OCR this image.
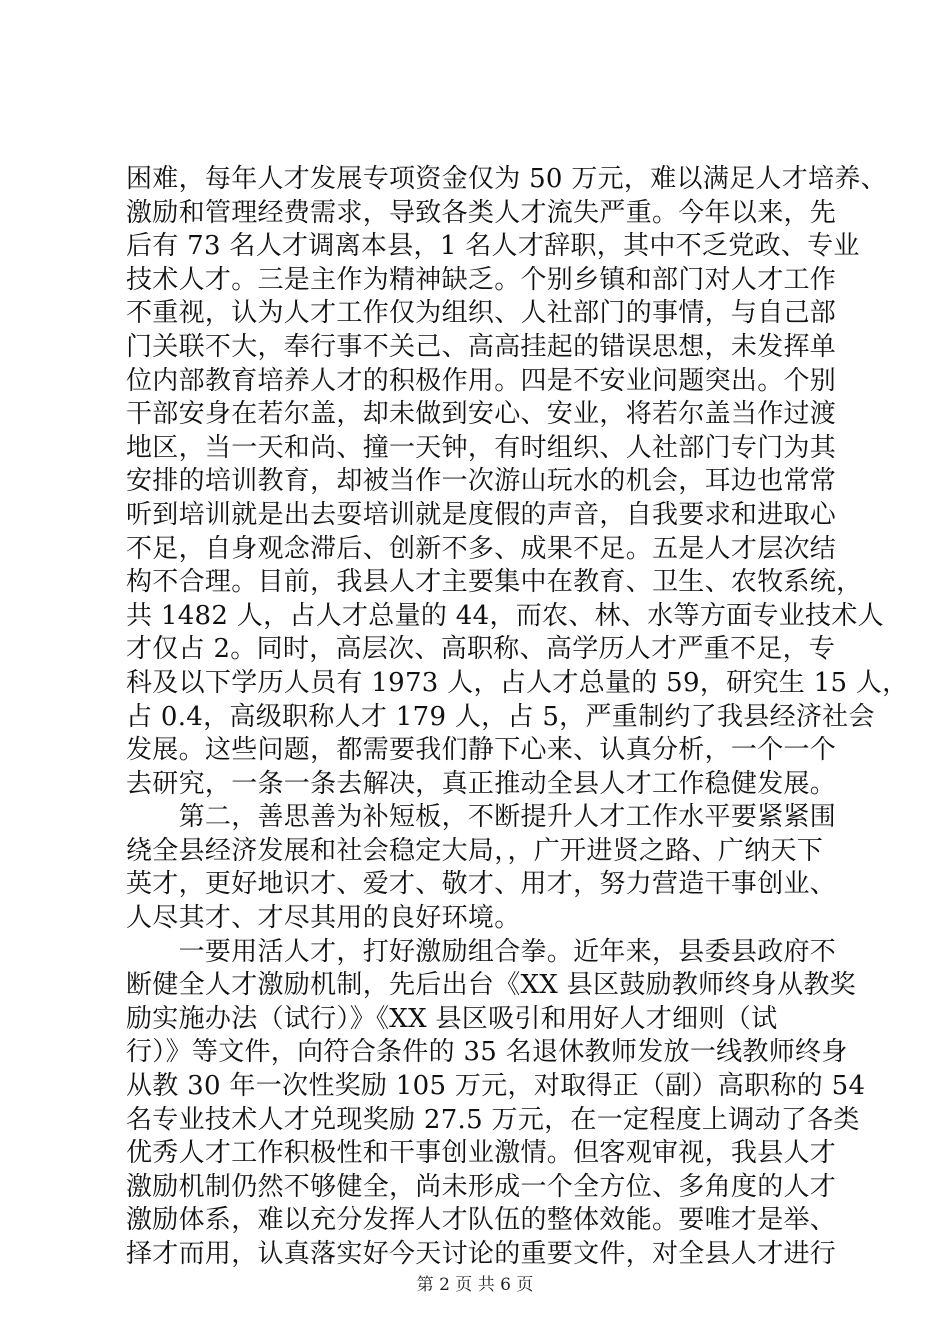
困难，每年人才发展专项资金仅为 50 万元，难以满足人才培养、
激励和管理经费需求，导致各类人才流失严重。今年以来，先
后有 73 名人才调离本县，1 名人才辞职，其中不乏党政、专业
技术人才。三是主作为精神缺乏。个别乡镇和部门对人才工作
不重视，认为人才工作仅为组织、人社部门的事情，与自己部
门关联不大，奉行事不关己、高高挂起的错误思想，未发挥单
位内部教育培养人才的积极作用。四是不安业问题突出。个别
干部安身在若尔盖，却未做到安心、安业，将若尔盖当作过渡
地区，当一天和尚、撞一天钟，有时组织、人社部门专门为其
安排的培训教育，却被当作一次游山玩水的机会，耳边也常常
听到培训就是出去耍培训就是度假的声音，自我要求和进取心
不足，自身观念滞后、创新不多、成果不足。五是人才层次结
构不合理。目前，我县人才主要集中在教育、卫生、农牧系统，
共 1482 人，占人才总量的 44，而农、林、水等方面专业技术人
才仅占 2。同时，高层次、高职称、高学历人才严重不足，专
科及以下学历人员有 1973 人，占人才总量的 59，研究生 15 人，
占 0.4，高级职称人才 179 人，占 5，严重制约了我县经济社会
发展。这些问题，都需要我们静下心来、认真分析，一个一个
去研究，一条一条去解决，真正推动全县人才工作稳健发展。
　　第二，善思善为补短板，不断提升人才工作水平要紧紧围
绕全县经济发展和社会稳定大局，，广开进贤之路、广纳天下
英才，更好地识才、爱才、敬才、用才，努力营造干事创业、
人尽其才、才尽其用的良好环境。
　　一要用活人才，打好激励组合拳。近年来，县委县政府不
断健全人才激励机制，先后出台《XX 县区鼓励教师终身从教奖
励实施办法（试行）》《XX 县区吸引和用好人才细则（试
行）》等文件，向符合条件的 35 名退休教师发放一线教师终身
从教 30 年一次性奖励 105 万元，对取得正（副）高职称的 54
名专业技术人才兑现奖励 27.5 万元，在一定程度上调动了各类
优秀人才工作积极性和干事创业激情。但客观审视，我县人才
激励机制仍然不够健全，尚未形成一个全方位、多角度的人才
激励体系，难以充分发挥人才队伍的整体效能。要唯才是举、
择才而用，认真落实好今天讨论的重要文件，对全县人才进行
第 2 页 共 6 页
